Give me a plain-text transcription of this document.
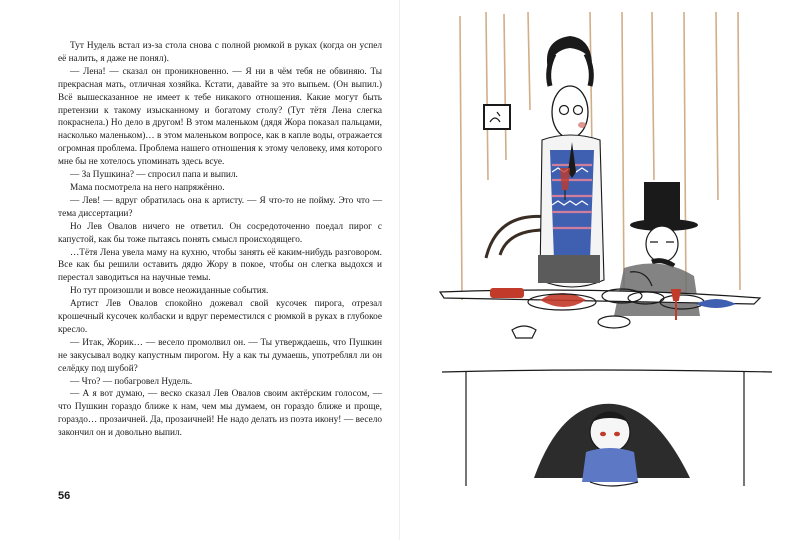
Тут Нудель встал из-за стола снова с полной рюмкой в руках (когда он успел её налить, я даже не понял).

— Лена! — сказал он проникновенно. — Я ни в чём тебя не обвиняю. Ты прекрасная мать, отличная хозяйка. Кстати, давайте за это выпьем. (Он выпил.) Всё вышесказанное не имеет к тебе никакого отношения. Какие могут быть претензии к такому изысканному и богатому столу? (Тут тётя Лена слегка покраснела.) Но дело в другом! В этом маленьком (дядя Жора показал пальцами, насколько маленьком)… в этом маленьком вопросе, как в капле воды, отражается огромная проблема. Проблема нашего отношения к этому человеку, имя которого мне бы не хотелось упоминать здесь всуе.

— За Пушкина? — спросил папа и выпил.

Мама посмотрела на него напряжённо.

— Лев! — вдруг обратилась она к артисту. — Я что-то не пойму. Это что — тема диссертации?

Но Лев Овалов ничего не ответил. Он сосредоточенно поедал пирог с капустой, как бы тоже пытаясь понять смысл происходящего.

…Тётя Лена увела маму на кухню, чтобы занять её каким-нибудь разговором. Все как бы решили оставить дядю Жору в покое, чтобы он слегка выдохся и перестал заводиться на научные темы.

Но тут произошли и вовсе неожиданные события.

Артист Лев Овалов спокойно дожевал свой кусочек пирога, отрезал крошечный кусочек колбаски и вдруг переместился с рюмкой в руках в глубокое кресло.

— Итак, Жорик… — весело промолвил он. — Ты утверждаешь, что Пушкин не закусывал водку капустным пирогом. Ну а как ты думаешь, употреблял ли он селёдку под шубой?

— Что? — побагровел Нудель.

— А я вот думаю, — веско сказал Лев Овалов своим актёрским голосом, — что Пушкин гораздо ближе к нам, чем мы думаем, он гораздо ближе и проще, гораздо… прозаичней. Да, прозаичней! Не надо делать из поэта икону! — весело закончил он и довольно выпил.

56
